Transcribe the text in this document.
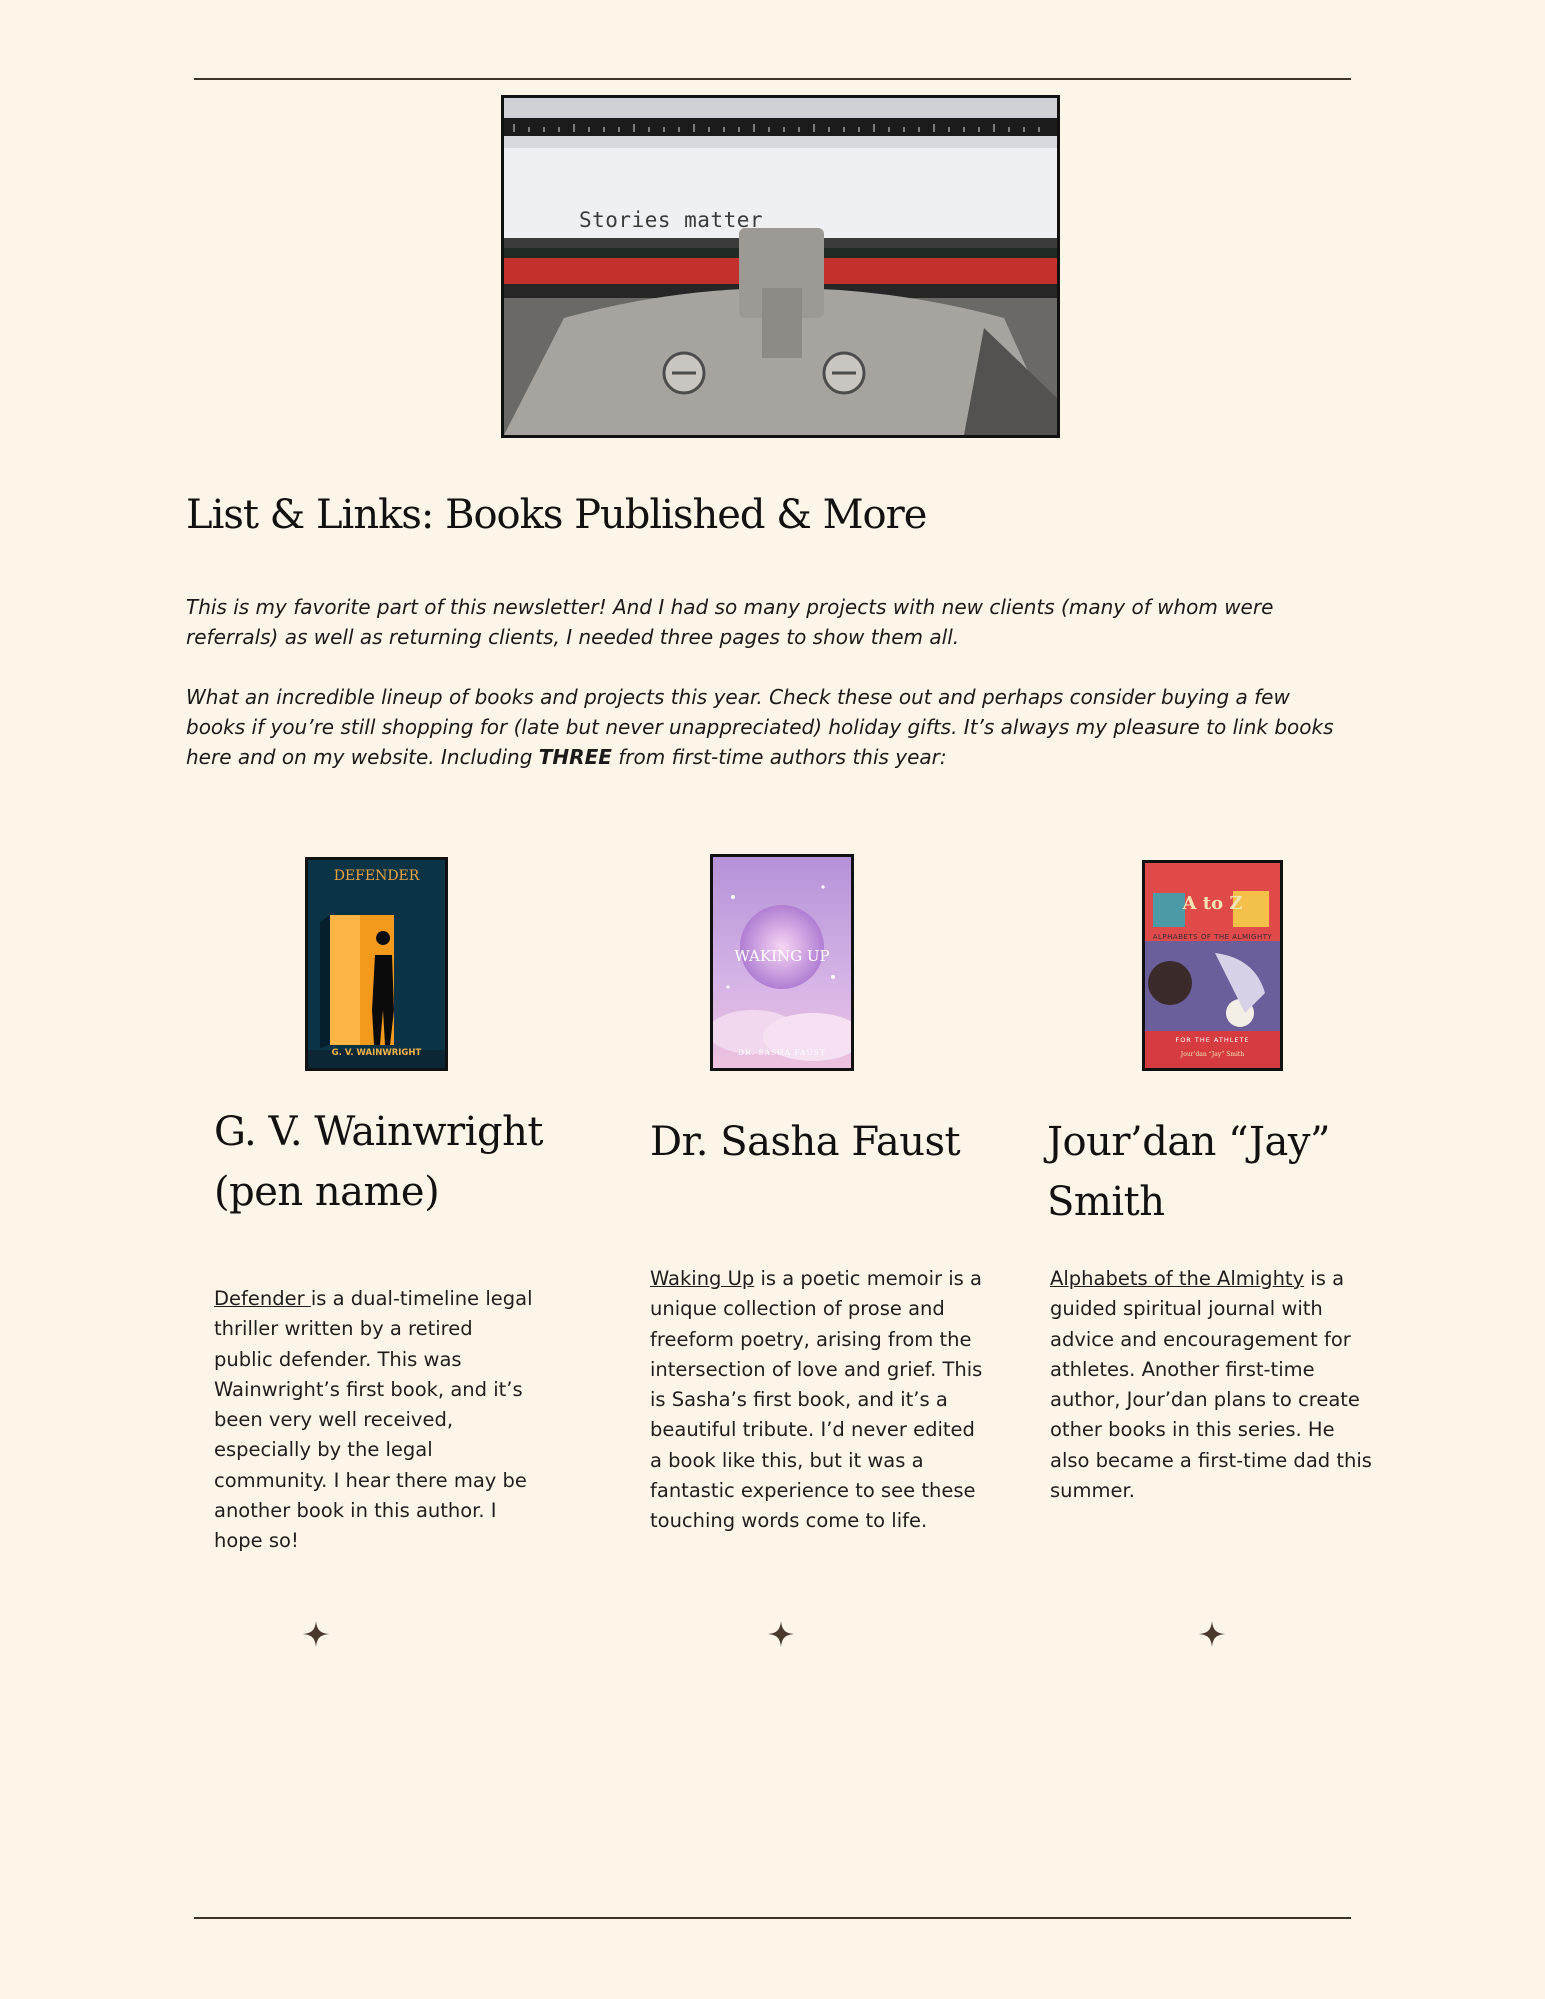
Stories matter
List & Links: Books Published & More

This is my favorite part of this newsletter! And I had so many projects with new clients (many of whom were referrals) as well as returning clients, I needed three pages to show them all.

What an incredible lineup of books and projects this year. Check these out and perhaps consider buying a few books if you’re still shopping for (late but never unappreciated) holiday gifts. It’s always my pleasure to link books here and on my website. Including THREE from first-time authors this year:

DEFENDER
G. V. WAINWRIGHT
WAKING UP
DR. SASHA FAUST
A to Z
ALPHABETS OF THE ALMIGHTY
FOR THE ATHLETE
Jour’dan “Jay” Smith
G. V. Wainwright (pen name)
Dr. Sasha Faust	Jour’dan “Jay” Smith

Defender is a dual-timeline legal thriller written by a retired public defender. This was Wainwright’s first book, and it’s been very well received, especially by the legal community. I hear there may be another book in this author. I hope so!

Waking Up is a poetic memoir is a unique collection of prose and freeform poetry, arising from the intersection of love and grief. This is Sasha’s first book, and it’s a beautiful tribute. I’d never edited a book like this, but it was a fantastic experience to see these touching words come to life.

Alphabets of the Almighty is a guided spiritual journal with advice and encouragement for athletes. Another first-time author, Jour’dan plans to create other books in this series. He also became a first-time dad this summer.
